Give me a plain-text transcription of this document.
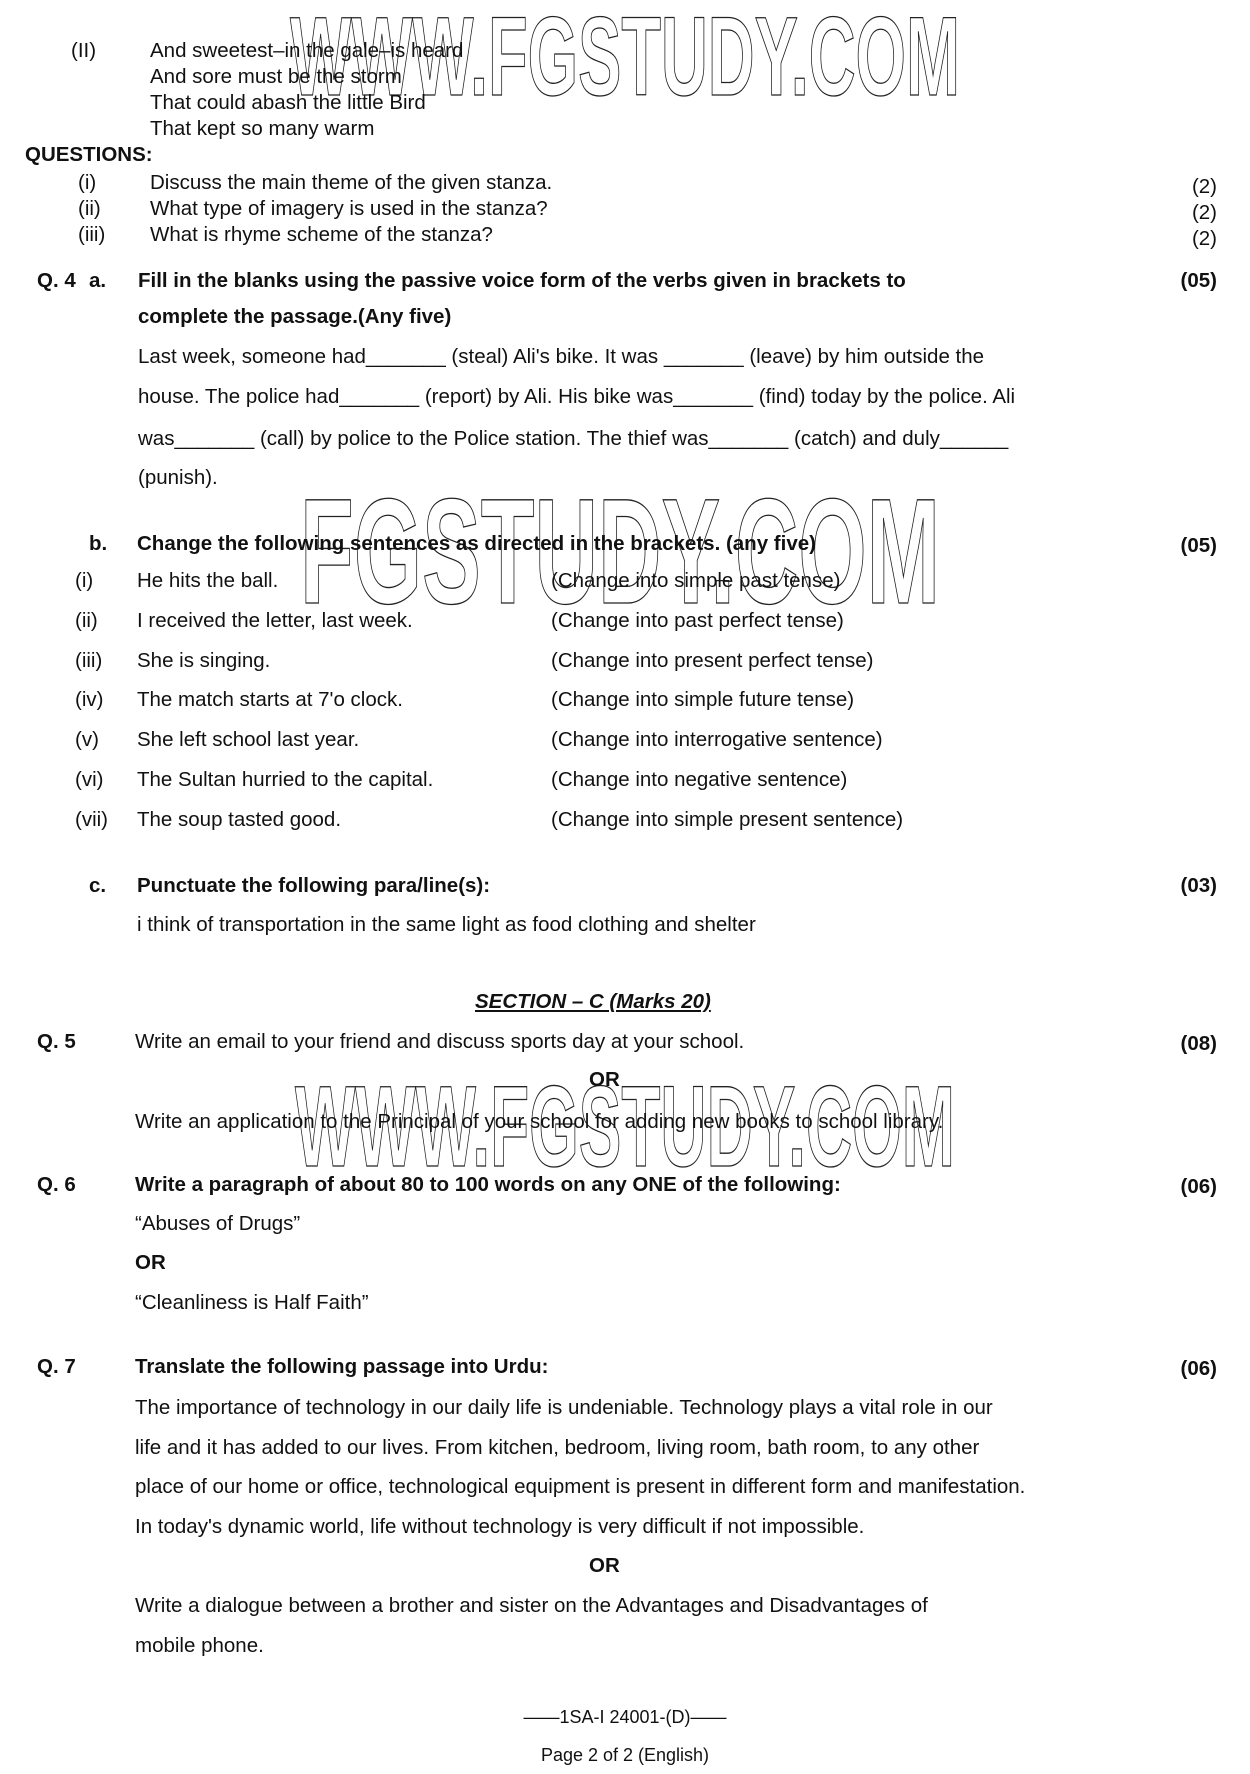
WWW.FGSTUDY.COM
FGSTUDY.COM
WWW.FGSTUDY.COM
(II)	And sweetest–in the gale–is heard
And sore must be the storm
That could abash the little Bird
That kept so many warm
QUESTIONS:
(i)	Discuss the main theme of the given stanza.	(2)
(ii) What type of imagery is used in the stanza?	(2)
(iii) What is rhyme scheme of the stanza?	(2)
Q. 4 a. Fill in the blanks using the passive voice form of the verbs given in brackets to	(05)
complete the passage.(Any five)
Last week, someone had_______ (steal) Ali's bike. It was _______ (leave) by him outside the
house. The police had_______ (report) by Ali. His bike was_______ (find) today by the police. Ali
was_______ (call) by police to the Police station. The thief was_______ (catch) and duly______
(punish).
b. Change the following sentences as directed in the brackets. (any five)	(05)
(i) He hits the ball.	(Change into simple past tense)
(ii) I received the letter, last week.	(Change into past perfect tense)
(iii) She is singing.	(Change into present perfect tense)
(iv) The match starts at 7'o clock.	(Change into simple future tense)
(v) She left school last year.	(Change into interrogative sentence)
(vi) The Sultan hurried to the capital.	(Change into negative sentence)
(vii) The soup tasted good.	(Change into simple present sentence)
c. Punctuate the following para/line(s):	(03)
i think of transportation in the same light as food clothing and shelter
SECTION – C (Marks 20)
Q. 5	Write an email to your friend and discuss sports day at your school.	(08)
OR
Write an application to the Principal of your school for adding new books to school library.
Q. 6	Write a paragraph of about 80 to 100 words on any ONE of the following:	(06)
“Abuses of Drugs”
OR
“Cleanliness is Half Faith”
Q. 7	Translate the following passage into Urdu:	(06)
The importance of technology in our daily life is undeniable. Technology plays a vital role in our
life and it has added to our lives. From kitchen, bedroom, living room, bath room, to any other
place of our home or office, technological equipment is present in different form and manifestation.
In today's dynamic world, life without technology is very difficult if not impossible.
OR
Write a dialogue between a brother and sister on the Advantages and Disadvantages of
mobile phone.
——1SA-I 24001-(D)——
Page 2 of 2 (English)
